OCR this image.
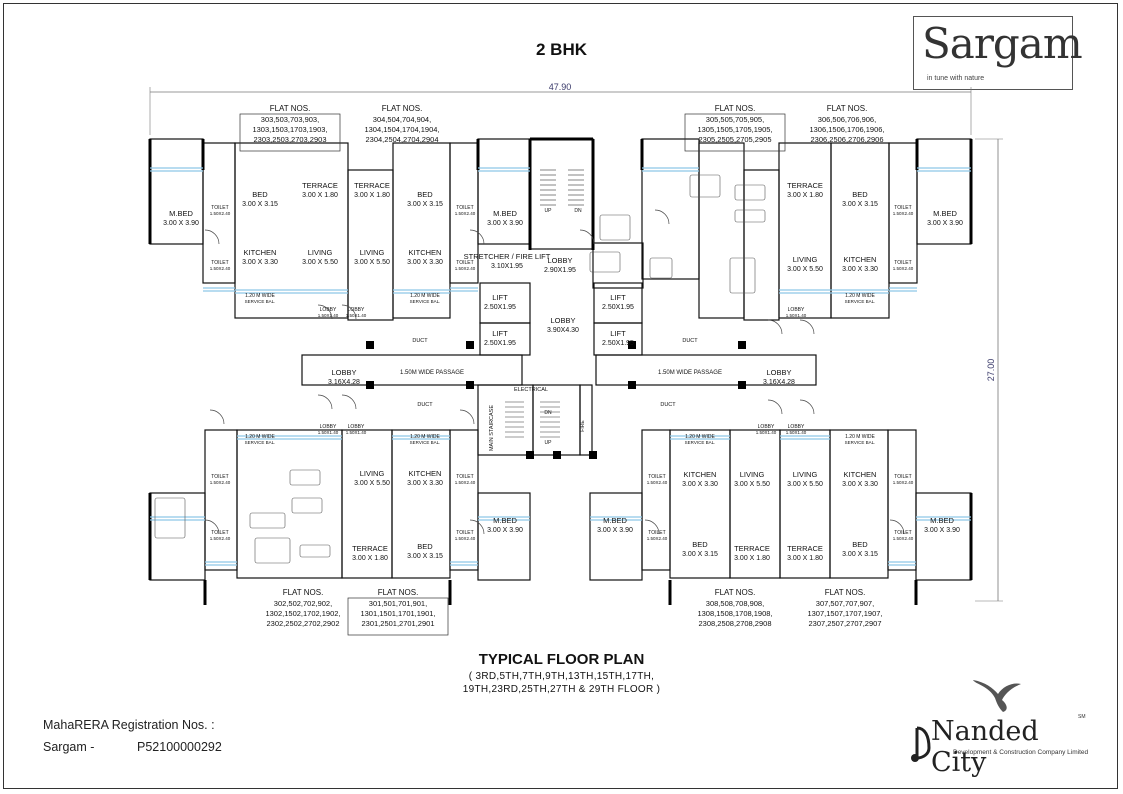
2 BHK	Sargam
in tune with nature
47.90
27.00
FLAT NOS.
303,503,703,903,
1303,1503,1703,1903,
2303,2503,2703,2903
FLAT NOS.
304,504,704,904,
1304,1504,1704,1904,
2304,2504,2704,2904
FLAT NOS.
305,505,705,905,
1305,1505,1705,1905,
2305,2505,2705,2905
FLAT NOS.
306,506,706,906,
1306,1506,1706,1906,
2306,2506,2706,2906
FLAT NOS.
302,502,702,902,
1302,1502,1702,1902,
2302,2502,2702,2902
FLAT NOS.
301,501,701,901,
1301,1501,1701,1901,
2301,2501,2701,2901
FLAT NOS.
308,508,708,908,
1308,1508,1708,1908,
2308,2508,2708,2908
FLAT NOS.
307,507,707,907,
1307,1507,1707,1907,
2307,2507,2707,2907
M.BED
3.00 X 3.90
BED
3.00 X 3.15
TERRACE
3.00 X 1.80
TERRACE
3.00 X 1.80	BED
3.00 X 3.15
M.BED
3.00 X 3.90
KITCHEN
3.00 X 3.30
LIVING
3.00 X 5.50
LIVING
3.00 X 5.50
KITCHEN
3.00 X 3.30
TERRACE
3.00 X 1.80	BED
3.00 X 3.15
M.BED
3.00 X 3.90
LIVING
3.00 X 5.50
KITCHEN
3.00 X 3.30
STRETCHER / FIRE LIFT
3.10X1.95
LOBBY
2.90X1.95
LIFT
2.50X1.95
LIFT
2.50X1.95
LIFT
2.50X1.95
LIFT
2.50X1.95
LOBBY
3.90X4.30
LOBBY
3.16X4.28
LOBBY
3.16X4.28
LIVING
3.00 X 5.50
KITCHEN
3.00 X 3.30
M.BED
3.00 X 3.90
BED
3.00 X 3.15
TERRACE
3.00 X 1.80
M.BED
3.00 X 3.90
KITCHEN
3.00 X 3.30
LIVING
3.00 X 5.50
BED
3.00 X 3.15
TERRACE
3.00 X 1.80
LIVING
3.00 X 5.50
KITCHEN
3.00 X 3.30
TERRACE
3.00 X 1.80
BED
3.00 X 3.15
M.BED
3.00 X 3.90
TOILET
1.50X2.40
TOILET
1.50X2.40
TOILET
1.50X2.40
TOILET
1.50X2.40
TOILET
1.50X2.40
TOILET
1.50X2.40
TOILET
1.50X2.40
TOILET
1.50X2.40
TOILET
1.50X2.40
TOILET
1.50X2.40
TOILET
1.50X2.40
TOILET
1.50X2.40
TOILET
1.50X2.40
TOILET
1.50X2.40
1.20 M WIDE
SERVICE BAL.
1.20 M WIDE
SERVICE BAL.
1.20 M WIDE
SERVICE BAL.
1.20 M WIDE
SERVICE BAL.
1.20 M WIDE
SERVICE BAL.
1.20 M WIDE
SERVICE BAL.
1.20 M WIDE
SERVICE BAL.
LOBBY
1.50X1.40
LOBBY
1.50X1.40
LOBBY
1.50X1.40
LOBBY
1.50X1.40
LOBBY
1.50X1.40
LOBBY
1.50X1.40
LOBBY
1.50X1.40
DUCT	DUCT
DUCT	DUCT
1.50M WIDE PASSAGE	1.50M WIDE PASSAGE
ELECTRICAL
MAIN STAIRCASE	FIRE
UP	DN
UP
DN
TYPICAL FLOOR PLAN
( 3RD,5TH,7TH,9TH,13TH,15TH,17TH,
19TH,23RD,25TH,27TH & 29TH FLOOR )
MahaRERA Registration Nos. :
Sargam -	P52100000292	Nanded City
SM
Development & Construction Company Limited
